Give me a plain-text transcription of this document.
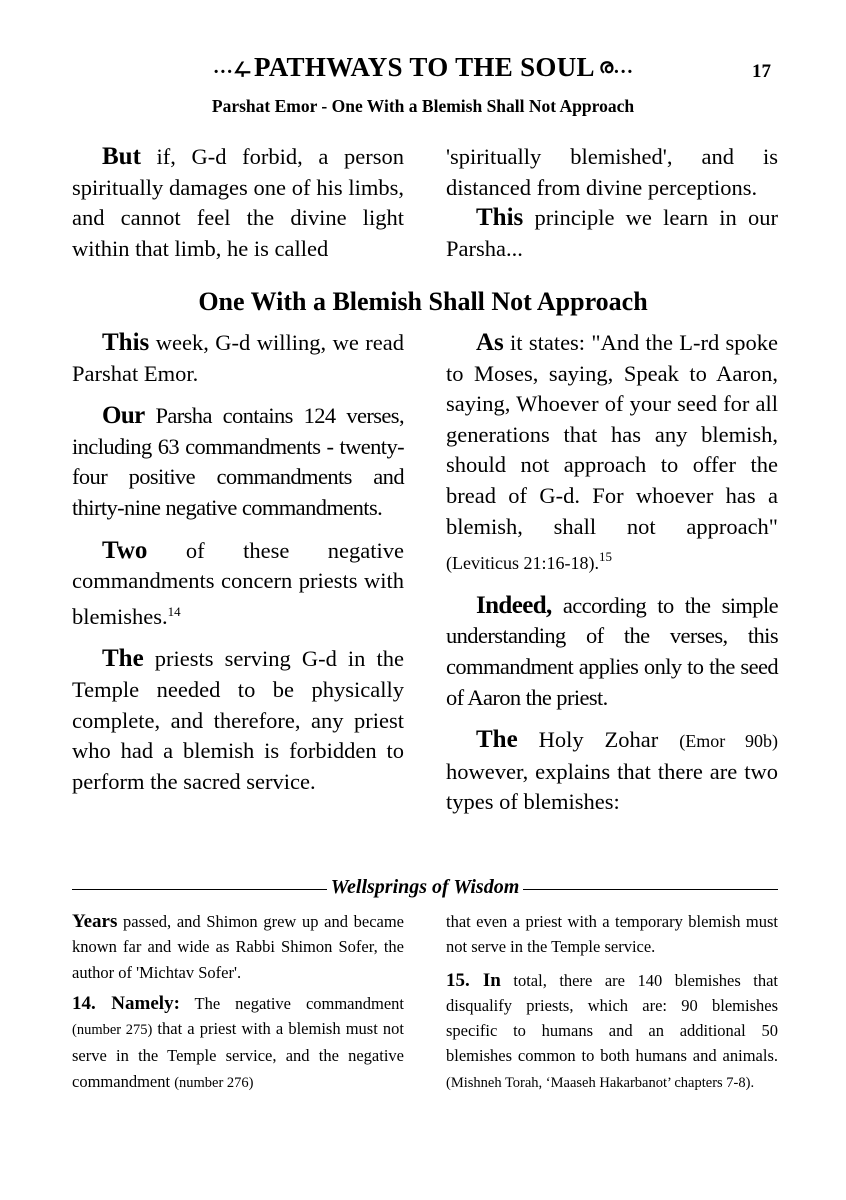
…ഺ PATHWAYS TO THE SOUL ര…	17
Parshat Emor - One With a Blemish Shall Not Approach

But if, G-d forbid, a person spiritually damages one of his limbs, and cannot feel the divine light within that limb, he is called

'spiritually blemished', and is distanced from divine perceptions.

This principle we learn in our Parsha...

One With a Blemish Shall Not Approach

This week, G-d willing, we read Parshat Emor.

Our Parsha contains 124 verses, including 63 commandments - twenty-four positive commandments and thirty-nine negative commandments.

Two of these negative commandments concern priests with blemishes.$^{14}$

The priests serving G-d in the Temple needed to be physically complete, and therefore, any priest who had a blemish is forbidden to perform the sacred service.

As it states: "And the L-rd spoke to Moses, saying, Speak to Aaron, saying, Whoever of your seed for all generations that has any blemish, should not approach to offer the bread of G-d. For whoever has a blemish, shall not approach" (Leviticus 21:16-18).$^{15}$

Indeed, according to the simple understanding of the verses, this commandment applies only to the seed of Aaron the priest.

The Holy Zohar (Emor 90b) however, explains that there are two types of blemishes:

Wellsprings of Wisdom

Years passed, and Shimon grew up and became known far and wide as Rabbi Shimon Sofer, the author of 'Michtav Sofer'.

14. Namely: The negative commandment (number 275) that a priest with a blemish must not serve in the Temple service, and the negative commandment (number 276)

that even a priest with a temporary blemish must not serve in the Temple service.

15. In total, there are 140 blemishes that disqualify priests, which are: 90 blemishes specific to humans and an additional 50 blemishes common to both humans and animals. (Mishneh Torah, ‘Maaseh Hakarbanot’ chapters 7-8).
